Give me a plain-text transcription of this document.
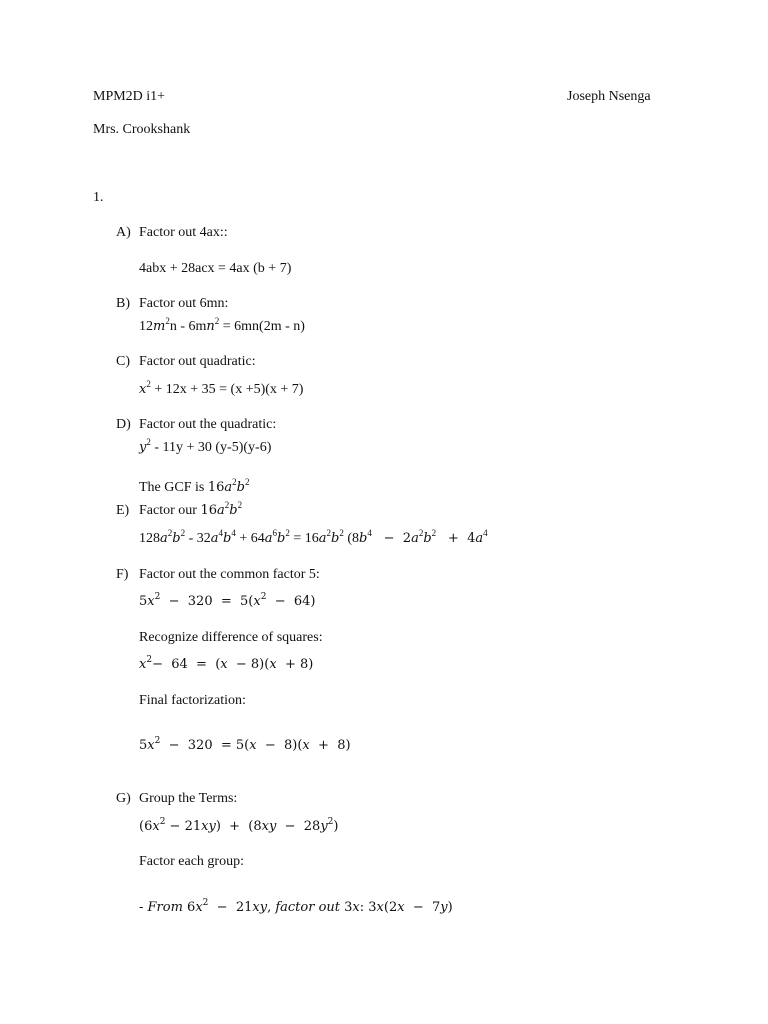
MPM2D i1+	Joseph Nsenga
Mrs. Crookshank
1.
A) Factor out 4ax::
4abx + 28acx = 4ax (b + 7)
B) Factor out 6mn:
$12m^2n - 6mn^2 = 6mn(2m - n)$
C) Factor out quadratic:
$x^2 + 12x + 35 = (x +5)(x + 7)$
D) Factor out the quadratic:
$y^2 - 11y + 30$ (y-5)(y-6)
The GCF is $16a^2b^2$
E) Factor our $16a^2b^2$
$128a^2b^2 - 32a^4b^4 + 64a^6b^2 = 16a^2b^2$ ($8b^4 - 2a^2b^2 + 4a^4$
F) Factor out the common factor 5:
$5x^2 - 320 = 5(x^2 - 64)$
Recognize difference of squares:
$x^2- 64 = (x - 8)(x + 8)$
Final factorization:
$5x^2 - 320 = 5(x - 8)(x + 8)$
G) Group the Terms:
$(6x^2 - 21xy) + (8xy - 28y^2)$
Factor each group:
- From $6x^2 - 21xy$, factor out 3x: 3x(2x  −  7y)
